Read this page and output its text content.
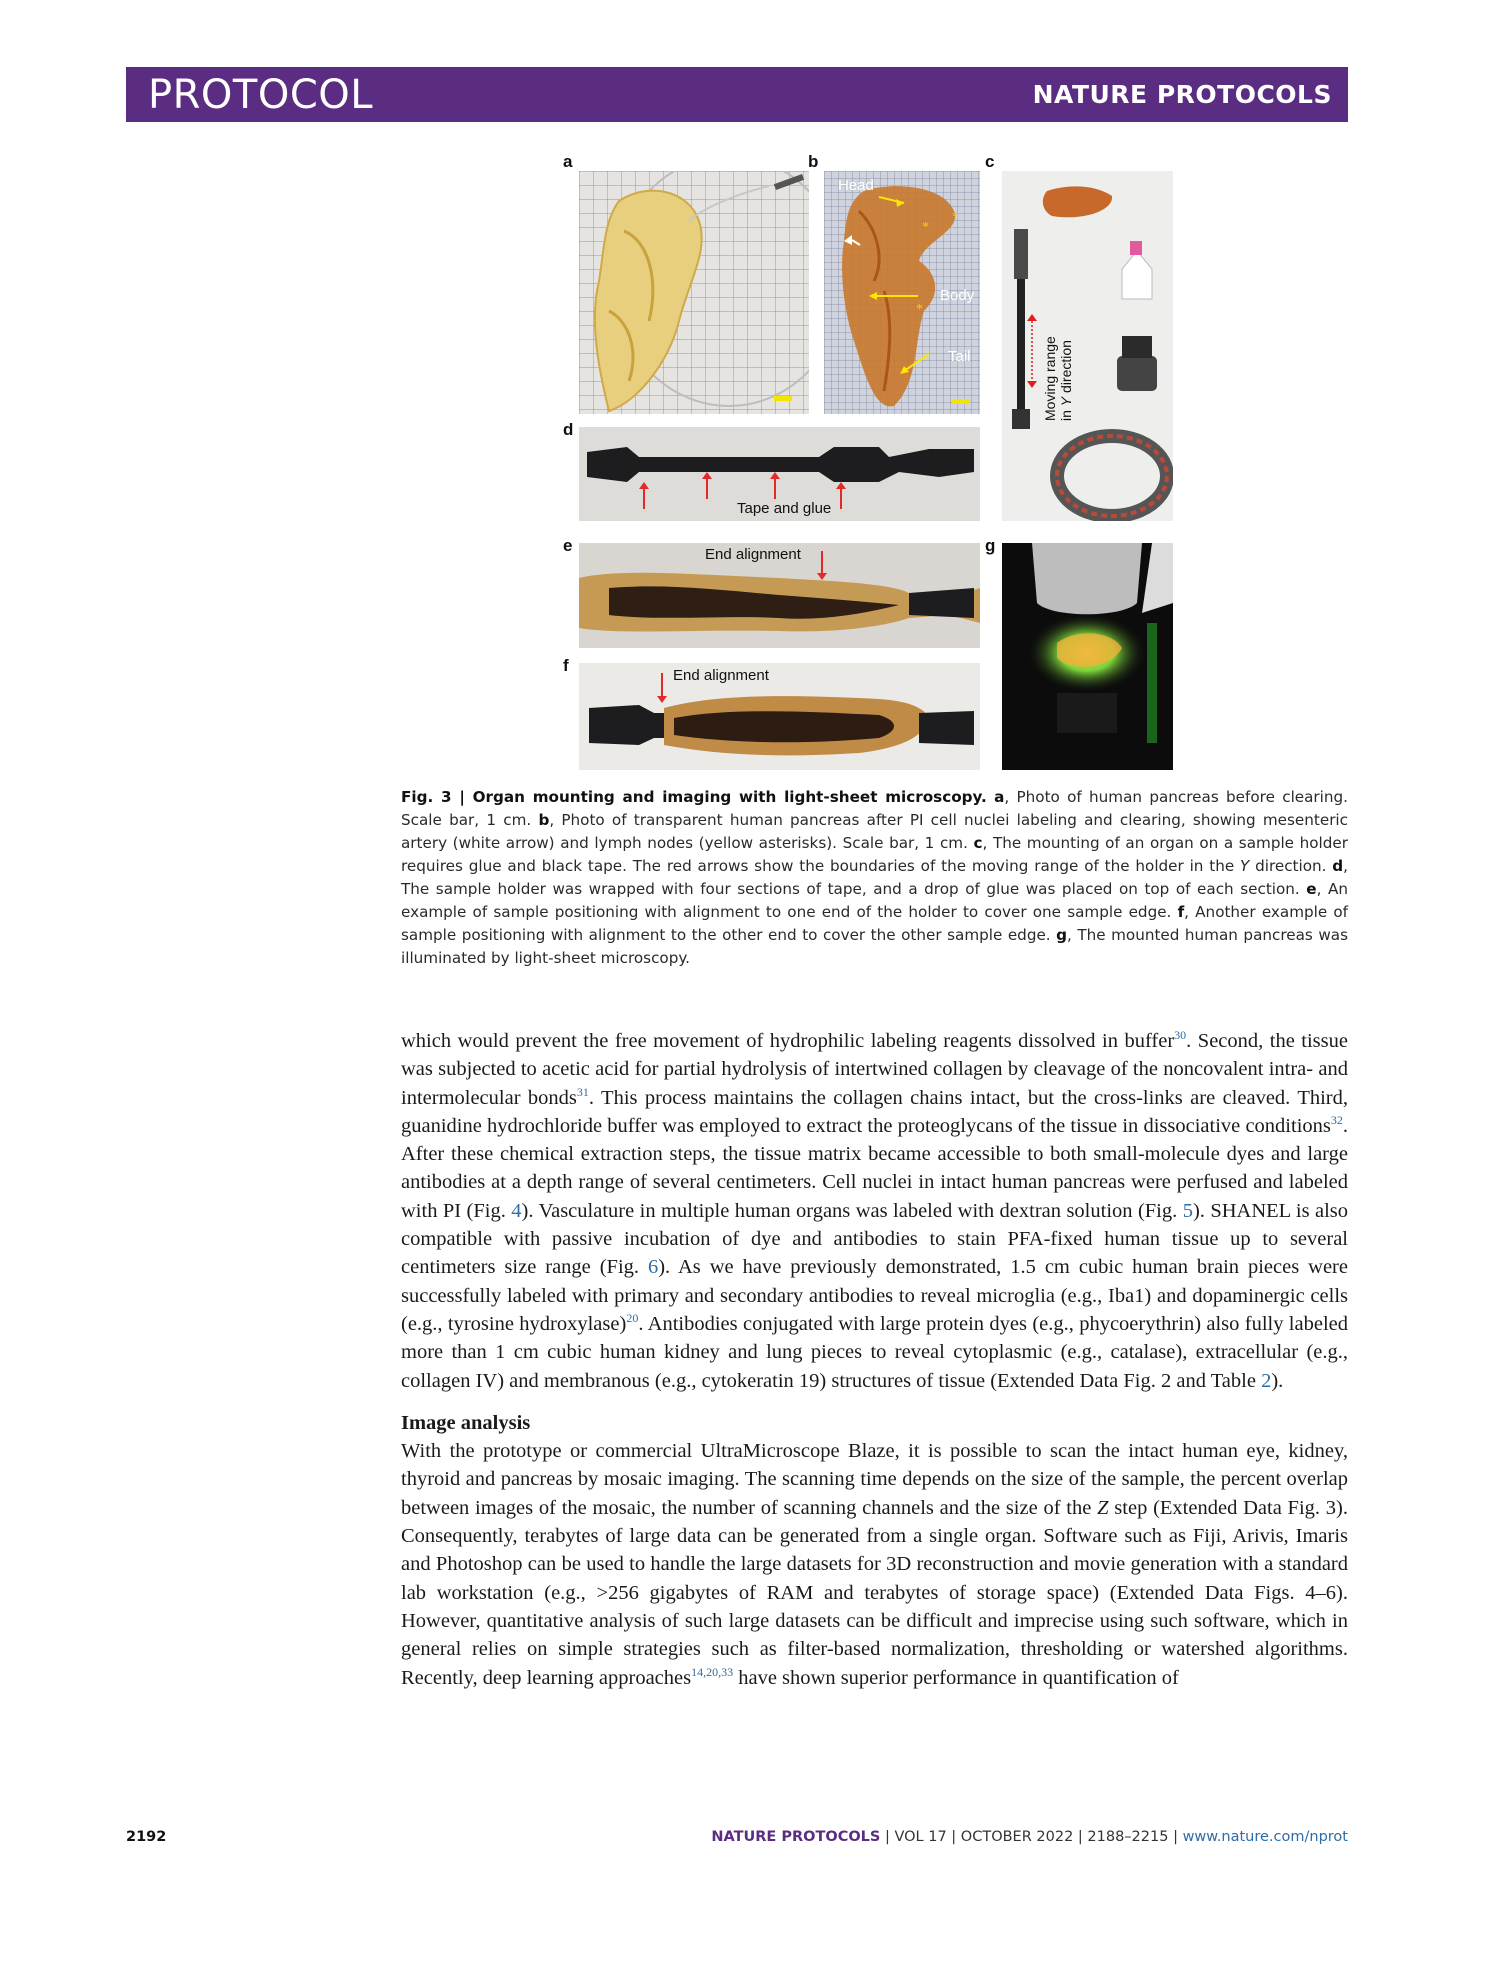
PROTOCOL	NATURE PROTOCOLS
a	b	c
d
e	g
f
*
*
*
Head
Body
Tail	Moving range in Y direction
Tape and glue
End alignment
End alignment
Fig. 3 | Organ mounting and imaging with light-sheet microscopy. a, Photo of human pancreas before clearing. Scale bar, 1 cm. b, Photo of transparent human pancreas after PI cell nuclei labeling and clearing, showing mesenteric artery (white arrow) and lymph nodes (yellow asterisks). Scale bar, 1 cm. c, The mounting of an organ on a sample holder requires glue and black tape. The red arrows show the boundaries of the moving range of the holder in the Y direction. d, The sample holder was wrapped with four sections of tape, and a drop of glue was placed on top of each section. e, An example of sample positioning with alignment to one end of the holder to cover one sample edge. f, Another example of sample positioning with alignment to the other end to cover the other sample edge. g, The mounted human pancreas was illuminated by light-sheet microscopy.

which would prevent the free movement of hydrophilic labeling reagents dissolved in buffer$^{30}$. Second, the tissue was subjected to acetic acid for partial hydrolysis of intertwined collagen by cleavage of the noncovalent intra- and intermolecular bonds$^{31}$. This process maintains the collagen chains intact, but the cross-links are cleaved. Third, guanidine hydrochloride buffer was employed to extract the proteoglycans of the tissue in dissociative conditions$^{32}$. After these chemical extraction steps, the tissue matrix became accessible to both small-molecule dyes and large antibodies at a depth range of several centimeters. Cell nuclei in intact human pancreas were perfused and labeled with PI (Fig. 4). Vasculature in multiple human organs was labeled with dextran solution (Fig. 5). SHANEL is also compatible with passive incubation of dye and antibodies to stain PFA-fixed human tissue up to several centimeters size range (Fig. 6). As we have previously demonstrated, 1.5 cm cubic human brain pieces were successfully labeled with primary and secondary antibodies to reveal microglia (e.g., Iba1) and dopaminergic cells (e.g., tyrosine hydroxylase)$^{20}$. Antibodies conjugated with large protein dyes (e.g., phycoerythrin) also fully labeled more than 1 cm cubic human kidney and lung pieces to reveal cytoplasmic (e.g., catalase), extracellular (e.g., collagen IV) and membranous (e.g., cytokeratin 19) structures of tissue (Extended Data Fig. 2 and Table 2).

Image analysis

With the prototype or commercial UltraMicroscope Blaze, it is possible to scan the intact human eye, kidney, thyroid and pancreas by mosaic imaging. The scanning time depends on the size of the sample, the percent overlap between images of the mosaic, the number of scanning channels and the size of the Z step (Extended Data Fig. 3). Consequently, terabytes of large data can be generated from a single organ. Software such as Fiji, Arivis, Imaris and Photoshop can be used to handle the large datasets for 3D reconstruction and movie generation with a standard lab workstation (e.g., >256 gigabytes of RAM and terabytes of storage space) (Extended Data Figs. 4–6). However, quantitative analysis of such large datasets can be difficult and imprecise using such software, which in general relies on simple strategies such as filter-based normalization, thresholding or watershed algorithms. Recently, deep learning approaches$^{14,20,33}$ have shown superior performance in quantification of

2192	NATURE PROTOCOLS | VOL 17 | OCTOBER 2022 | 2188–2215 | www.nature.com/nprot
